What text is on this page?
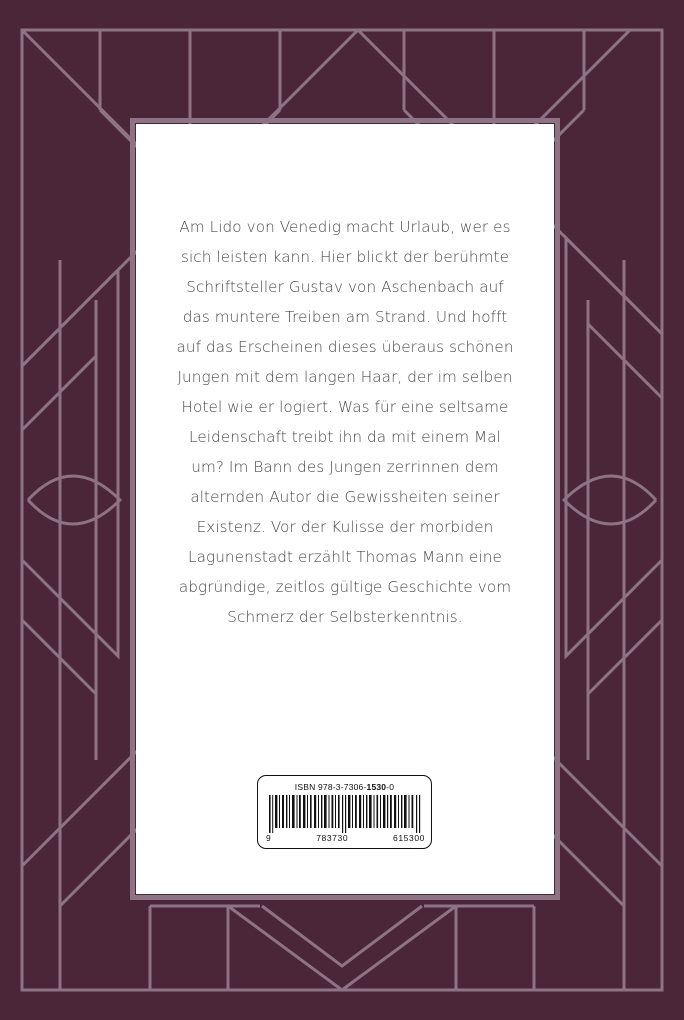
Am Lido von Venedig macht Urlaub, wer es sich leisten kann. Hier blickt der berühmte Schriftsteller Gustav von Aschenbach auf das muntere Treiben am Strand. Und hofft auf das Erscheinen dieses überaus schönen Jungen mit dem langen Haar, der im selben Hotel wie er logiert. Was für eine seltsame Leidenschaft treibt ihn da mit einem Mal um? Im Bann des Jungen zerrinnen dem alternden Autor die Gewissheiten seiner Existenz. Vor der Kulisse der morbiden Lagunenstadt erzählt Thomas Mann eine abgründige, zeitlos gültige Geschichte vom Schmerz der Selbsterkenntnis.
ISBN 978-3-7306-1530-0
9	783730	615300
